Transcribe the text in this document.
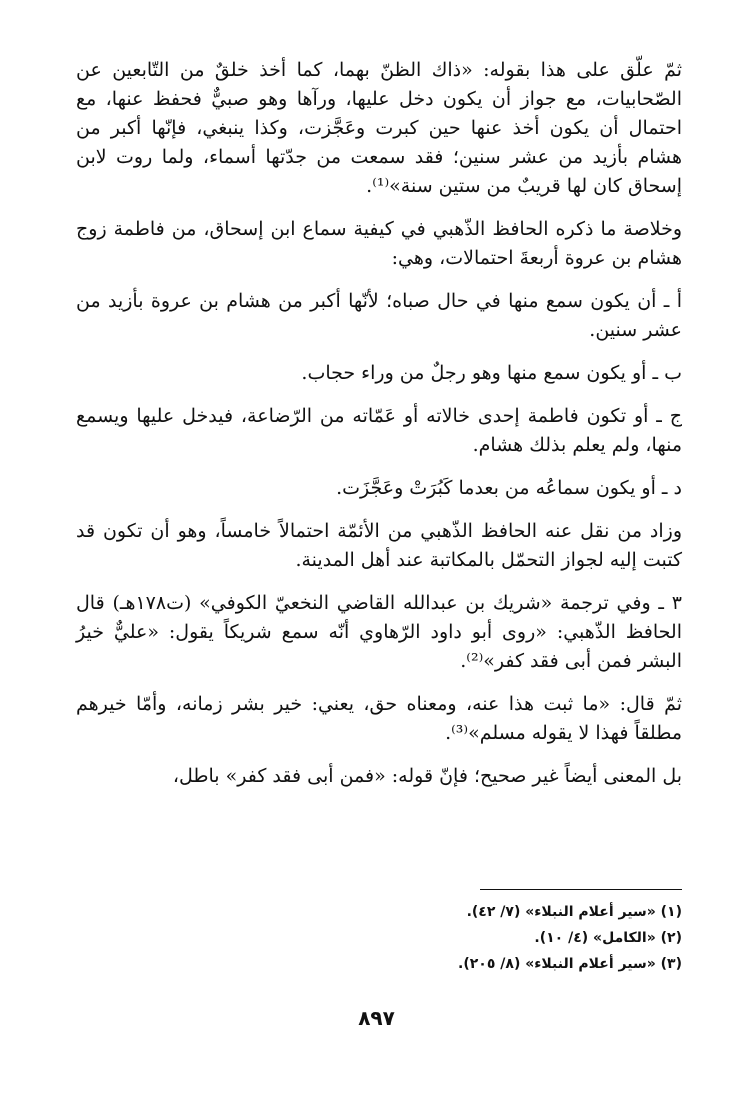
ثمّ علّق على هذا بقوله: «ذاك الظنّ بهما، كما أخذ خلقٌ من التّابعين عن الصّحابيات، مع جواز أن يكون دخل عليها، ورآها وهو صبيٌّ فحفظ عنها، مع احتمال أن يكون أخذ عنها حين كبرت وعَجَّزت، وكذا ينبغي، فإنّها أكبر من هشام بأزيد من عشر سنين؛ فقد سمعت من جدّتها أسماء، ولما روت لابن إسحاق كان لها قريبٌ من ستين سنة»⁽¹⁾.

وخلاصة ما ذكره الحافظ الذّهبي في كيفية سماع ابن إسحاق، من فاطمة زوج هشام بن عروة أربعةَ احتمالات، وهي:

أ ـ أن يكون سمع منها في حال صباه؛ لأنّها أكبر من هشام بن عروة بأزيد من عشر سنين.

ب ـ أو يكون سمع منها وهو رجلٌ من وراء حجاب.

ج ـ أو تكون فاطمة إحدى خالاته أو عَمّاته من الرّضاعة، فيدخل عليها ويسمع منها، ولم يعلم بذلك هشام.

د ـ أو يكون سماعُه من بعدما كَبُرَتْ وعَجَّزَت.

وزاد من نقل عنه الحافظ الذّهبي من الأئمّة احتمالاً خامساً، وهو أن تكون قد كتبت إليه لجواز التحمّل بالمكاتبة عند أهل المدينة.

٣ ـ وفي ترجمة «شريك بن عبدالله القاضي النخعيّ الكوفي» (ت١٧٨هـ) قال الحافظ الذّهبي: «روى أبو داود الرّهاوي أنّه سمع شريكاً يقول: «عليٌّ خيرُ البشر فمن أبى فقد كفر»⁽²⁾.

ثمّ قال: «ما ثبت هذا عنه، ومعناه حق، يعني: خير بشر زمانه، وأمّا خيرهم مطلقاً فهذا لا يقوله مسلم»⁽³⁾.

بل المعنى أيضاً غير صحيح؛ فإنّ قوله: «فمن أبى فقد كفر» باطل،

(١) «سير أعلام النبلاء» (٧/ ٤٢).
(٢) «الكامل» (٤/ ١٠).
(٣) «سير أعلام النبلاء» (٨/ ٢٠٥).
٨٩٧
